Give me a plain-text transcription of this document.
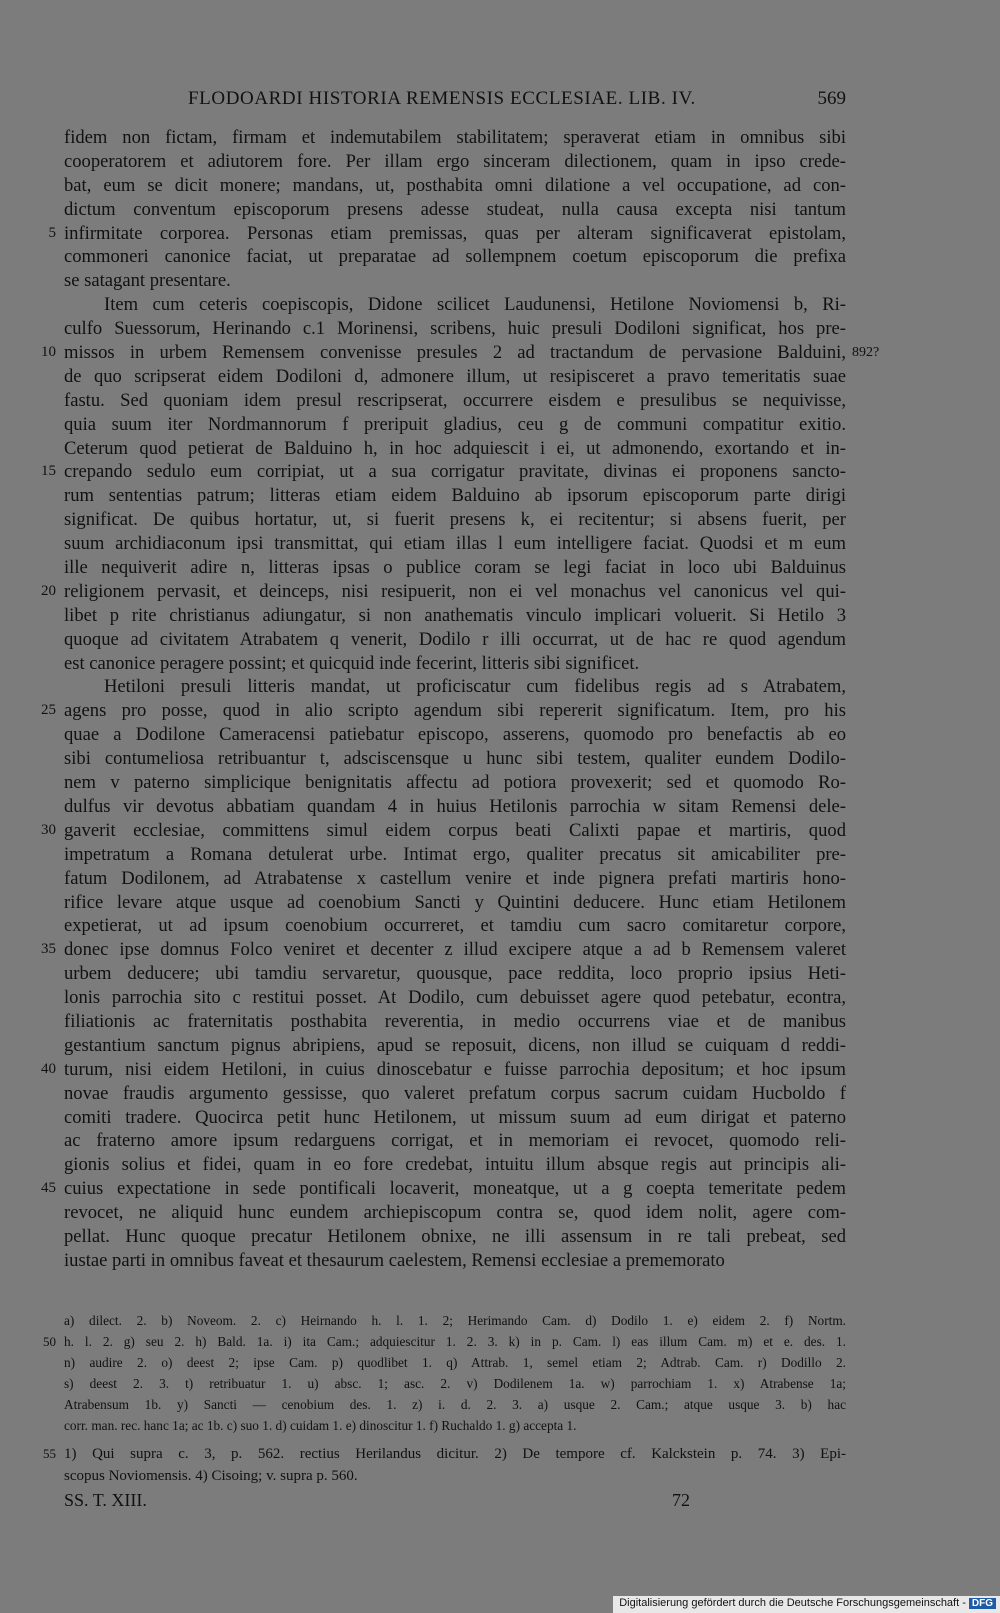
FLODOARDI HISTORIA REMENSIS ECCLESIAE. LIB. IV.	569
fidem non fictam, firmam et indemutabilem stabilitatem; speraverat etiam in omnibus sibi
cooperatorem et adiutorem fore. Per illam ergo sinceram dilectionem, quam in ipso crede-
bat, eum se dicit monere; mandans, ut, posthabita omni dilatione a vel occupatione, ad con-
dictum conventum episcoporum presens adesse studeat, nulla causa excepta nisi tantum
5 infirmitate corporea. Personas etiam premissas, quas per alteram significaverat epistolam,
commoneri canonice faciat, ut preparatae ad sollempnem coetum episcoporum die prefixa
se satagant presentare.
Item cum ceteris coepiscopis, Didone scilicet Laudunensi, Hetilone Noviomensi b, Ri-
culfo Suessorum, Herinando c.1 Morinensi, scribens, huic presuli Dodiloni significat, hos pre-
10 missos in urbem Remensem convenisse presules 2 ad tractandum de pervasione Balduini, 892?
de quo scripserat eidem Dodiloni d, admonere illum, ut resipisceret a pravo temeritatis suae
fastu. Sed quoniam idem presul rescripserat, occurrere eisdem e presulibus se nequivisse,
quia suum iter Nordmannorum f preripuit gladius, ceu g de communi compatitur exitio.
Ceterum quod petierat de Balduino h, in hoc adquiescit i ei, ut admonendo, exortando et in-
15 crepando sedulo eum corripiat, ut a sua corrigatur pravitate, divinas ei proponens sancto-
rum sententias patrum; litteras etiam eidem Balduino ab ipsorum episcoporum parte dirigi
significat. De quibus hortatur, ut, si fuerit presens k, ei recitentur; si absens fuerit, per
suum archidiaconum ipsi transmittat, qui etiam illas l eum intelligere faciat. Quodsi et m eum
ille nequiverit adire n, litteras ipsas o publice coram se legi faciat in loco ubi Balduinus
20 religionem pervasit, et deinceps, nisi resipuerit, non ei vel monachus vel canonicus vel qui-
libet p rite christianus adiungatur, si non anathematis vinculo implicari voluerit. Si Hetilo 3
quoque ad civitatem Atrabatem q venerit, Dodilo r illi occurrat, ut de hac re quod agendum
est canonice peragere possint; et quicquid inde fecerint, litteris sibi significet.
Hetiloni presuli litteris mandat, ut proficiscatur cum fidelibus regis ad s Atrabatem,
25 agens pro posse, quod in alio scripto agendum sibi repererit significatum. Item, pro his
quae a Dodilone Cameracensi patiebatur episcopo, asserens, quomodo pro benefactis ab eo
sibi contumeliosa retribuantur t, adsciscensque u hunc sibi testem, qualiter eundem Dodilo-
nem v paterno simplicique benignitatis affectu ad potiora provexerit; sed et quomodo Ro-
dulfus vir devotus abbatiam quandam 4 in huius Hetilonis parrochia w sitam Remensi dele-
30 gaverit ecclesiae, committens simul eidem corpus beati Calixti papae et martiris, quod
impetratum a Romana detulerat urbe. Intimat ergo, qualiter precatus sit amicabiliter pre-
fatum Dodilonem, ad Atrabatense x castellum venire et inde pignera prefati martiris hono-
rifice levare atque usque ad coenobium Sancti y Quintini deducere. Hunc etiam Hetilonem
expetierat, ut ad ipsum coenobium occurreret, et tamdiu cum sacro comitaretur corpore,
35 donec ipse domnus Folco veniret et decenter z illud excipere atque a ad b Remensem valeret
urbem deducere; ubi tamdiu servaretur, quousque, pace reddita, loco proprio ipsius Heti-
lonis parrochia sito c restitui posset. At Dodilo, cum debuisset agere quod petebatur, econtra,
filiationis ac fraternitatis posthabita reverentia, in medio occurrens viae et de manibus
gestantium sanctum pignus abripiens, apud se reposuit, dicens, non illud se cuiquam d reddi-
40 turum, nisi eidem Hetiloni, in cuius dinoscebatur e fuisse parrochia depositum; et hoc ipsum
novae fraudis argumento gessisse, quo valeret prefatum corpus sacrum cuidam Hucboldo f
comiti tradere. Quocirca petit hunc Hetilonem, ut missum suum ad eum dirigat et paterno
ac fraterno amore ipsum redarguens corrigat, et in memoriam ei revocet, quomodo reli-
gionis solius et fidei, quam in eo fore credebat, intuitu illum absque regis aut principis ali-
45 cuius expectatione in sede pontificali locaverit, moneatque, ut a g coepta temeritate pedem
revocet, ne aliquid hunc eundem archiepiscopum contra se, quod idem nolit, agere com-
pellat. Hunc quoque precatur Hetilonem obnixe, ne illi assensum in re tali prebeat, sed
iustae parti in omnibus faveat et thesaurum caelestem, Remensi ecclesiae a prememorato
a) dilect. 2. b) Noveom. 2. c) Heirnando h. l. 1. 2; Herimando Cam. d) Dodilo 1. e) eidem 2. f) Nortm.
50 h. l. 2. g) seu 2. h) Bald. 1a. i) ita Cam.; adquiescitur 1. 2. 3. k) in p. Cam. l) eas illum Cam. m) et e. des. 1.
n) audire 2. o) deest 2; ipse Cam. p) quodlibet 1. q) Attrab. 1, semel etiam 2; Adtrab. Cam. r) Dodillo 2.
s) deest 2. 3. t) retribuatur 1. u) absc. 1; asc. 2. v) Dodilenem 1a. w) parrochiam 1. x) Atrabense 1a;
Atrabensum 1b. y) Sancti — cenobium des. 1. z) i. d. 2. 3. a) usque 2. Cam.; atque usque 3. b) hac
corr. man. rec. hanc 1a; ac 1b. c) suo 1. d) cuidam 1. e) dinoscitur 1. f) Ruchaldo 1. g) accepta 1.
55 1) Qui supra c. 3, p. 562. rectius Herilandus dicitur. 2) De tempore cf. Kalckstein p. 74. 3) Epi-
scopus Noviomensis. 4) Cisoing; v. supra p. 560.
SS. T. XIII.	72
Digitalisierung gefördert durch die Deutsche Forschungsgemeinschaft - DFG
